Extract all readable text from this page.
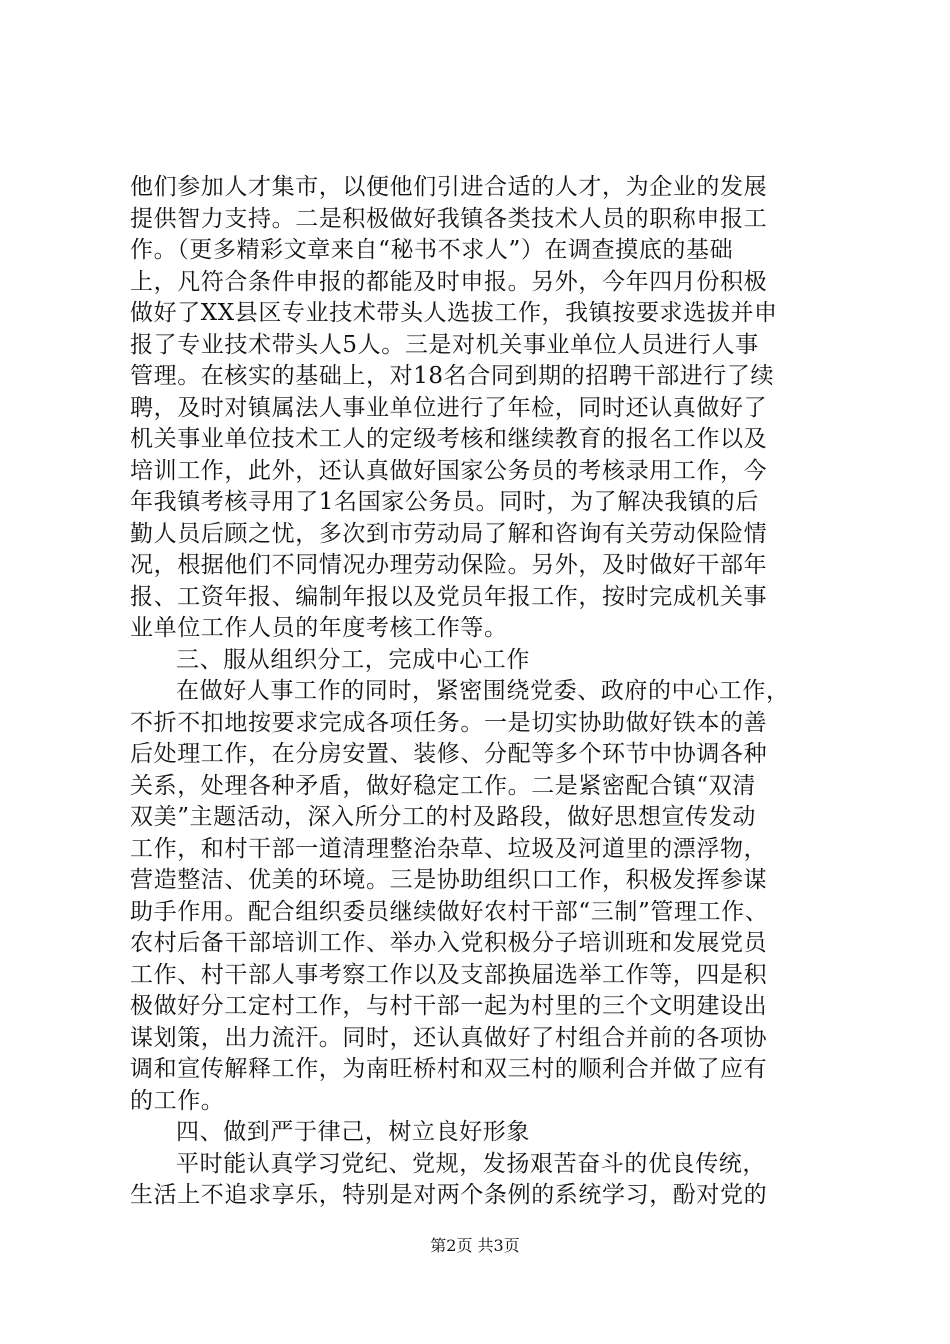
他们参加人才集市，以便他们引进合适的人才，为企业的发展
提供智力支持。二是积极做好我镇各类技术人员的职称申报工
作。（更多精彩文章来自“秘书不求人”）在调查摸底的基础
上，凡符合条件申报的都能及时申报。另外，今年四月份积极
做好了XX县区专业技术带头人选拔工作，我镇按要求选拔并申
报了专业技术带头人5人。三是对机关事业单位人员进行人事
管理。在核实的基础上，对18名合同到期的招聘干部进行了续
聘，及时对镇属法人事业单位进行了年检，同时还认真做好了
机关事业单位技术工人的定级考核和继续教育的报名工作以及
培训工作，此外，还认真做好国家公务员的考核录用工作，今
年我镇考核寻用了1名国家公务员。同时，为了解决我镇的后
勤人员后顾之忧，多次到市劳动局了解和咨询有关劳动保险情
况，根据他们不同情况办理劳动保险。另外，及时做好干部年
报、工资年报、编制年报以及党员年报工作，按时完成机关事
业单位工作人员的年度考核工作等。
三、服从组织分工，完成中心工作
在做好人事工作的同时，紧密围绕党委、政府的中心工作，
不折不扣地按要求完成各项任务。一是切实协助做好铁本的善
后处理工作，在分房安置、装修、分配等多个环节中协调各种
关系，处理各种矛盾，做好稳定工作。二是紧密配合镇“双清
双美”主题活动，深入所分工的村及路段，做好思想宣传发动
工作，和村干部一道清理整治杂草、垃圾及河道里的漂浮物，
营造整洁、优美的环境。三是协助组织口工作，积极发挥参谋
助手作用。配合组织委员继续做好农村干部“三制”管理工作、
农村后备干部培训工作、举办入党积极分子培训班和发展党员
工作、村干部人事考察工作以及支部换届选举工作等，四是积
极做好分工定村工作，与村干部一起为村里的三个文明建设出
谋划策，出力流汗。同时，还认真做好了村组合并前的各项协
调和宣传解释工作，为南旺桥村和双三村的顺利合并做了应有
的工作。
四、做到严于律己，树立良好形象
平时能认真学习党纪、党规，发扬艰苦奋斗的优良传统，
生活上不追求享乐，特别是对两个条例的系统学习，酚对党的
第2页 共3页
